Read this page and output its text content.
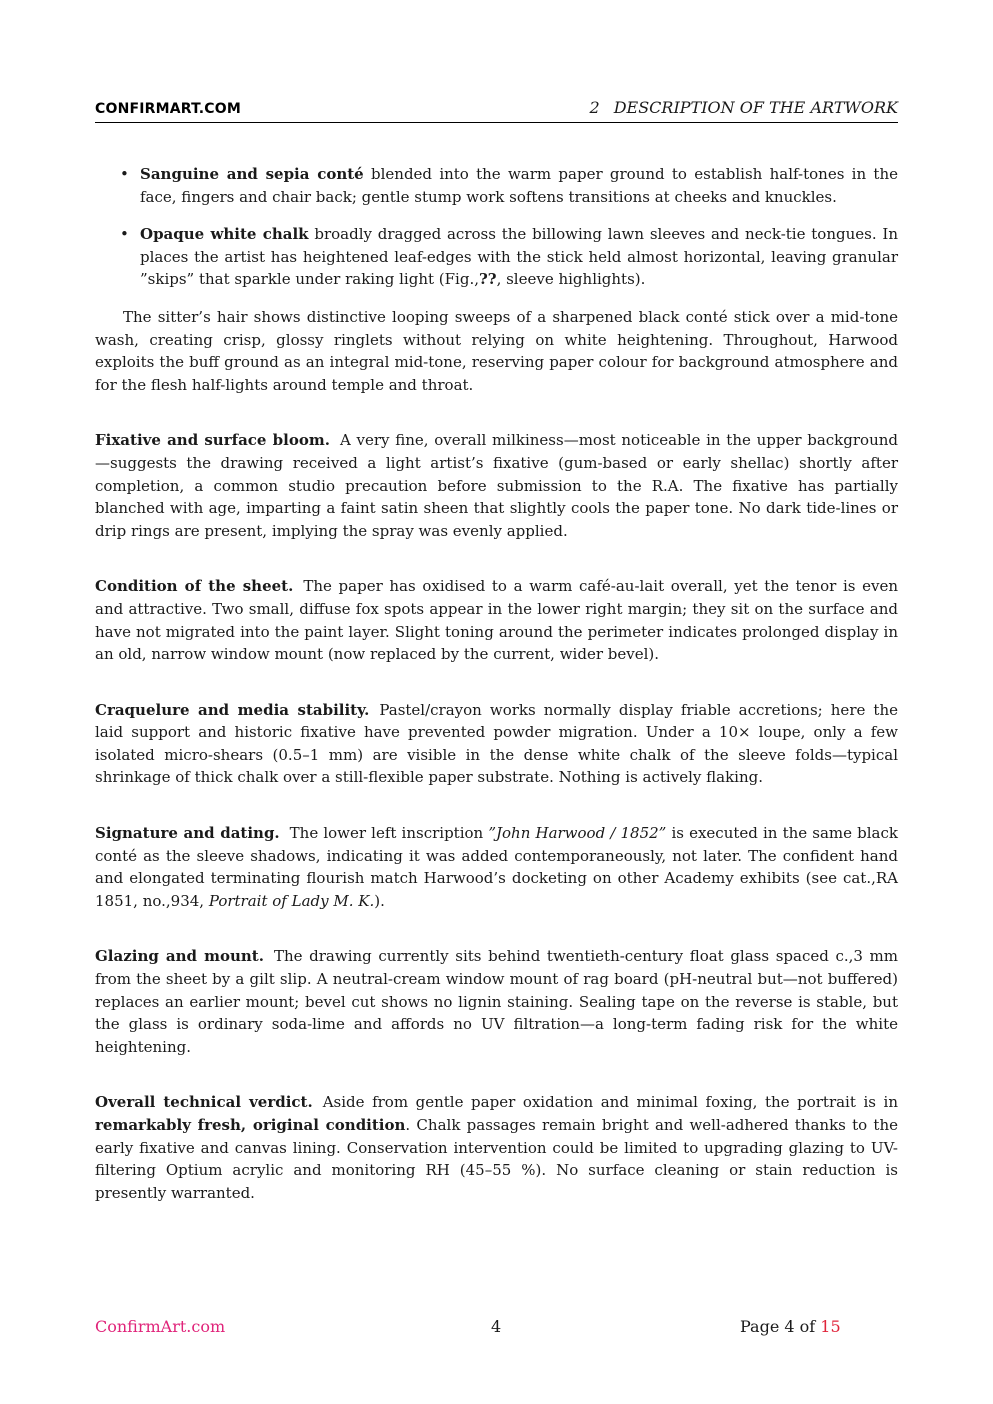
CONFIRMART.COM	2 DESCRIPTION OF THE ARTWORK
• Sanguine and sepia conté blended into the warm paper ground to establish half-tones in the face, fingers and chair back; gentle stump work softens transitions at cheeks and knuckles.
• Opaque white chalk broadly dragged across the billowing lawn sleeves and neck-tie tongues. In places the artist has heightened leaf-edges with the stick held almost horizontal, leaving granular ”skips” that sparkle under raking light (Fig.,??, sleeve highlights).

The sitter’s hair shows distinctive looping sweeps of a sharpened black conté stick over a mid-tone wash, creating crisp, glossy ringlets without relying on white heightening. Throughout, Harwood exploits the buff ground as an integral mid-tone, reserving paper colour for background atmosphere and for the flesh half-lights around temple and throat.

Fixative and surface bloom. A very fine, overall milkiness—most noticeable in the upper background—suggests the drawing received a light artist’s fixative (gum-based or early shellac) shortly after completion, a common studio precaution before submission to the R.A. The fixative has partially blanched with age, imparting a faint satin sheen that slightly cools the paper tone. No dark tide-lines or drip rings are present, implying the spray was evenly applied.

Condition of the sheet. The paper has oxidised to a warm café-au-lait overall, yet the tenor is even and attractive. Two small, diffuse fox spots appear in the lower right margin; they sit on the surface and have not migrated into the paint layer. Slight toning around the perimeter indicates prolonged display in an old, narrow window mount (now replaced by the current, wider bevel).

Craquelure and media stability. Pastel/crayon works normally display friable accretions; here the laid support and historic fixative have prevented powder migration. Under a 10× loupe, only a few isolated micro-shears (0.5–1 mm) are visible in the dense white chalk of the sleeve folds—typical shrinkage of thick chalk over a still-flexible paper substrate. Nothing is actively flaking.

Signature and dating. The lower left inscription ”John Harwood / 1852” is executed in the same black conté as the sleeve shadows, indicating it was added contemporaneously, not later. The confident hand and elongated terminating flourish match Harwood’s docketing on other Academy exhibits (see cat.,RA 1851, no.,934, Portrait of Lady M. K.).

Glazing and mount. The drawing currently sits behind twentieth-century float glass spaced c.,3 mm from the sheet by a gilt slip. A neutral-cream window mount of rag board (pH-neutral but—not buffered) replaces an earlier mount; bevel cut shows no lignin staining. Sealing tape on the reverse is stable, but the glass is ordinary soda-lime and affords no UV filtration—a long-term fading risk for the white heightening.

Overall technical verdict. Aside from gentle paper oxidation and minimal foxing, the portrait is in remarkably fresh, original condition. Chalk passages remain bright and well-adhered thanks to the early fixative and canvas lining. Conservation intervention could be limited to upgrading glazing to UV-filtering Optium acrylic and monitoring RH (45–55 %). No surface cleaning or stain reduction is presently warranted.

ConfirmArt.com	4	Page 4 of 15
